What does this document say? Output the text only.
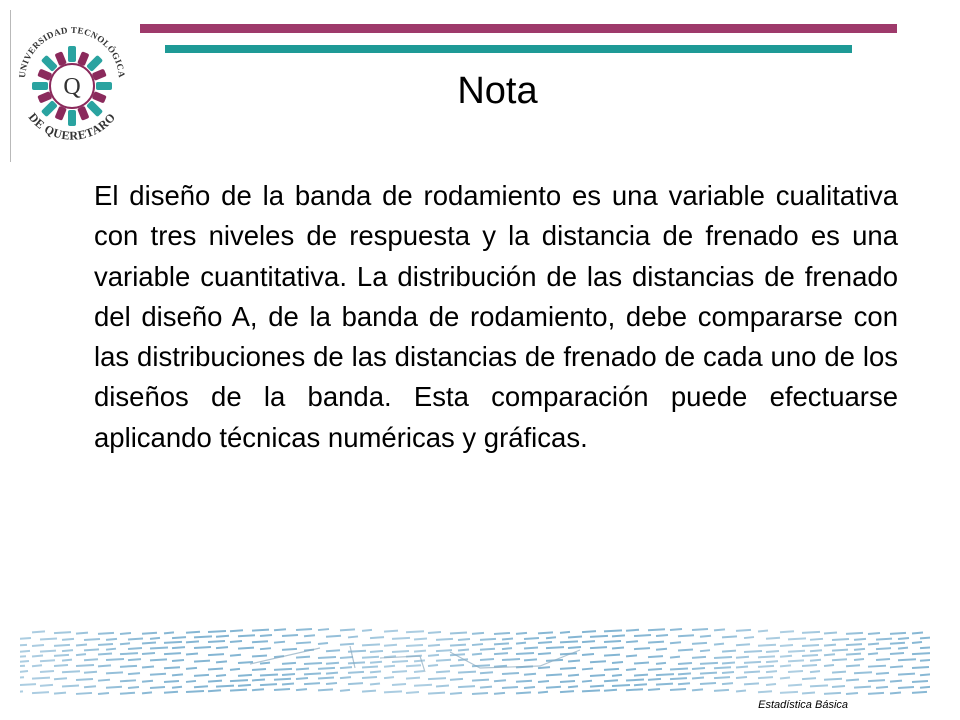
UNIVERSIDAD TECNOLÓGICA
DE QUERETARO
Q	Nota

El diseño de la banda de rodamiento es una variable cualitativa con tres niveles de respuesta y la distancia de frenado es una variable cuantitativa. La distribución de las distancias de frenado del diseño A, de la banda de rodamiento, debe compararse con las distribuciones de las distancias de frenado de cada uno de los diseños de la banda. Esta comparación puede efectuarse aplicando técnicas numéricas y gráficas.

Estadística Básica
